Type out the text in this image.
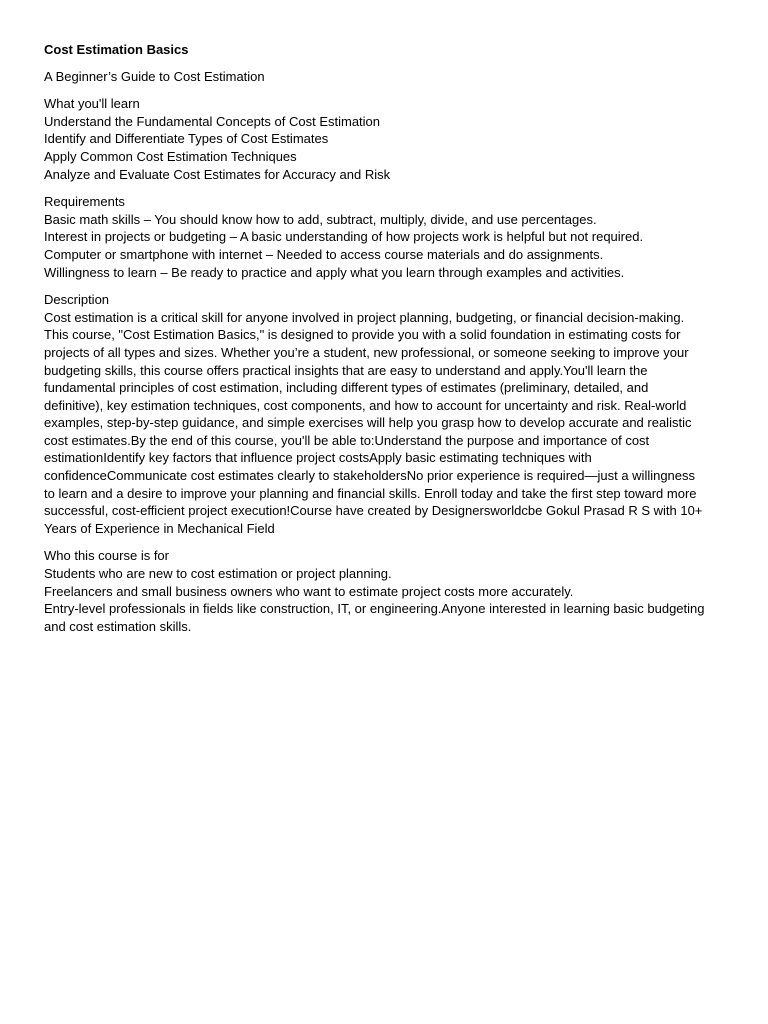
Cost Estimation Basics
A Beginner’s Guide to Cost Estimation
What you'll learn
Understand the Fundamental Concepts of Cost Estimation
Identify and Differentiate Types of Cost Estimates
Apply Common Cost Estimation Techniques
Analyze and Evaluate Cost Estimates for Accuracy and Risk
Requirements
Basic math skills – You should know how to add, subtract, multiply, divide, and use percentages.
Interest in projects or budgeting – A basic understanding of how projects work is helpful but not required.
Computer or smartphone with internet – Needed to access course materials and do assignments.
Willingness to learn – Be ready to practice and apply what you learn through examples and activities.
Description
Cost estimation is a critical skill for anyone involved in project planning, budgeting, or financial decision-making. This course, "Cost Estimation Basics," is designed to provide you with a solid foundation in estimating costs for projects of all types and sizes. Whether you’re a student, new professional, or someone seeking to improve your budgeting skills, this course offers practical insights that are easy to understand and apply.You'll learn the fundamental principles of cost estimation, including different types of estimates (preliminary, detailed, and definitive), key estimation techniques, cost components, and how to account for uncertainty and risk. Real-world examples, step-by-step guidance, and simple exercises will help you grasp how to develop accurate and realistic cost estimates.By the end of this course, you'll be able to:Understand the purpose and importance of cost estimationIdentify key factors that influence project costsApply basic estimating techniques with confidenceCommunicate cost estimates clearly to stakeholdersNo prior experience is required—just a willingness to learn and a desire to improve your planning and financial skills. Enroll today and take the first step toward more successful, cost-efficient project execution!Course have created by Designersworldcbe Gokul Prasad R S with 10+ Years of Experience in Mechanical Field
Who this course is for
Students who are new to cost estimation or project planning.
Freelancers and small business owners who want to estimate project costs more accurately.
Entry-level professionals in fields like construction, IT, or engineering.Anyone interested in learning basic budgeting and cost estimation skills.
